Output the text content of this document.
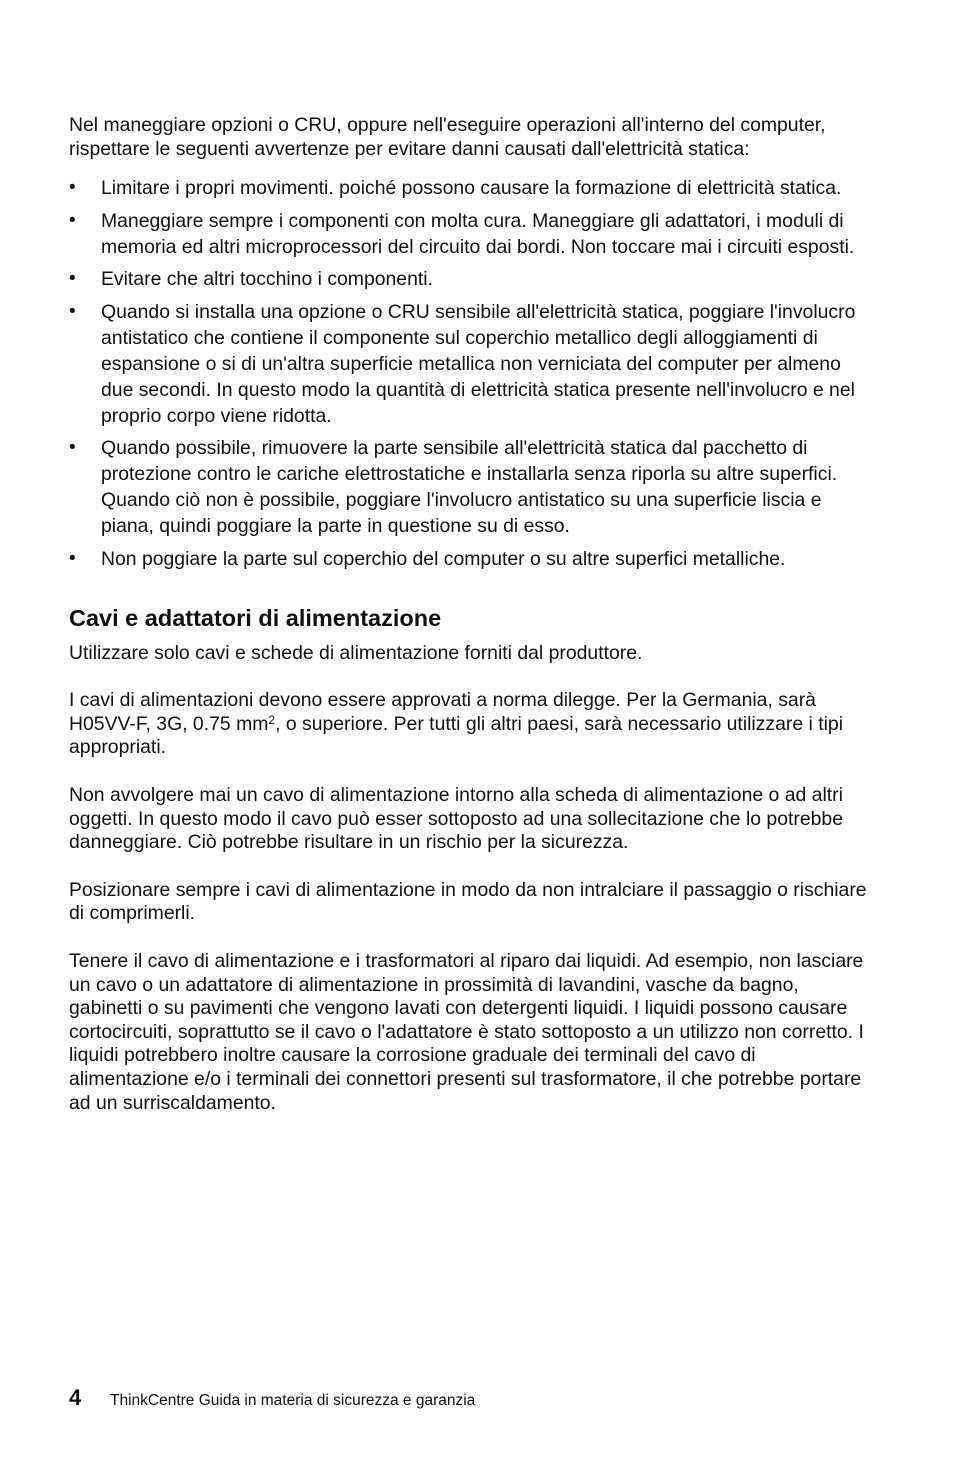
Nel maneggiare opzioni o CRU, oppure nell'eseguire operazioni all'interno del computer, rispettare le seguenti avvertenze per evitare danni causati dall'elettricità statica:

• Limitare i propri movimenti. poiché possono causare la formazione di elettricità statica.
• Maneggiare sempre i componenti con molta cura. Maneggiare gli adattatori, i moduli di memoria ed altri microprocessori del circuito dai bordi. Non toccare mai i circuiti esposti.
• Evitare che altri tocchino i componenti.
• Quando si installa una opzione o CRU sensibile all'elettricità statica, poggiare l'involucro antistatico che contiene il componente sul coperchio metallico degli alloggiamenti di espansione o si di un'altra superficie metallica non verniciata del computer per almeno due secondi. In questo modo la quantità di elettricità statica presente nell'involucro e nel proprio corpo viene ridotta.
• Quando possibile, rimuovere la parte sensibile all'elettricità statica dal pacchetto di protezione contro le cariche elettrostatiche e installarla senza riporla su altre superfici. Quando ciò non è possibile, poggiare l'involucro antistatico su una superficie liscia e piana, quindi poggiare la parte in questione su di esso.
• Non poggiare la parte sul coperchio del computer o su altre superfici metalliche.
Cavi e adattatori di alimentazione

Utilizzare solo cavi e schede di alimentazione forniti dal produttore.

I cavi di alimentazioni devono essere approvati a norma dilegge. Per la Germania, sarà H05VV-F, 3G, 0.75 $mm^2$, o superiore. Per tutti gli altri paesi, sarà necessario utilizzare i tipi appropriati.

Non avvolgere mai un cavo di alimentazione intorno alla scheda di alimentazione o ad altri oggetti. In questo modo il cavo può esser sottoposto ad una sollecitazione che lo potrebbe danneggiare. Ciò potrebbe risultare in un rischio per la sicurezza.

Posizionare sempre i cavi di alimentazione in modo da non intralciare il passaggio o rischiare di comprimerli.

Tenere il cavo di alimentazione e i trasformatori al riparo dai liquidi. Ad esempio, non lasciare un cavo o un adattatore di alimentazione in prossimità di lavandini, vasche da bagno, gabinetti o su pavimenti che vengono lavati con detergenti liquidi. I liquidi possono causare cortocircuiti, soprattutto se il cavo o l'adattatore è stato sottoposto a un utilizzo non corretto. I liquidi potrebbero inoltre causare la corrosione graduale dei terminali del cavo di alimentazione e/o i terminali dei connettori presenti sul trasformatore, il che potrebbe portare ad un surriscaldamento.

4	ThinkCentre Guida in materia di sicurezza e garanzia
